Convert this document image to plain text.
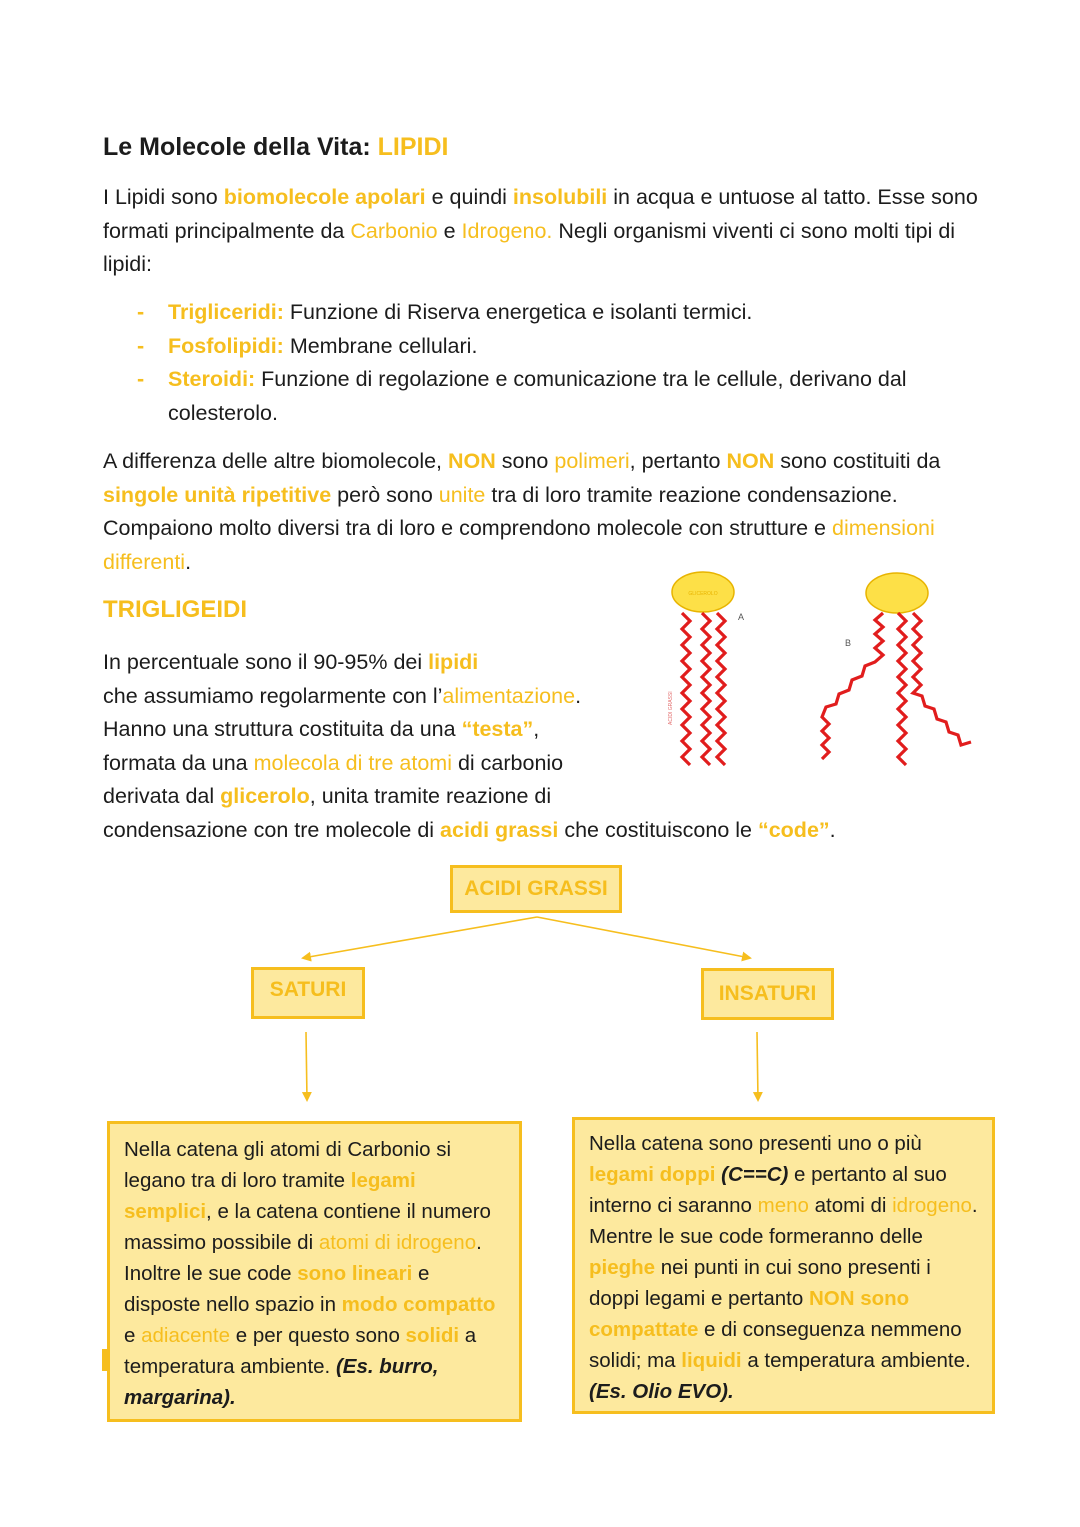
Le Molecole della Vita: LIPIDI

I Lipidi sono biomolecole apolari e quindi insolubili in acqua e untuose al tatto. Esse sono formati principalmente da Carbonio e Idrogeno. Negli organismi viventi ci sono molti tipi di lipidi:

- Trigliceridi: Funzione di Riserva energetica e isolanti termici.
- Fosfolipidi: Membrane cellulari.
- Steroidi: Funzione di regolazione e comunicazione tra le cellule, derivano dal colesterolo.

A differenza delle altre biomolecole, NON sono polimeri, pertanto NON sono costituiti da singole unità ripetitive però sono unite tra di loro tramite reazione condensazione. Compaiono molto diversi tra di loro e comprendono molecole con strutture e dimensioni differenti.

TRIGLIGEIDI

In percentuale sono il 90-95% dei lipidi
che assumiamo regolarmente con l’alimentazione.
Hanno una struttura costituita da una “testa”,
formata da una molecola di tre atomi di carbonio
derivata dal glicerolo, unita tramite reazione di
condensazione con tre molecole di acidi grassi che costituiscono le “code”.

GLICEROLO
A
ACIDI GRASSI
B
ACIDI GRASSI
SATURI	INSATURI
Nella catena gli atomi di Carbonio si legano tra di loro tramite legami semplici, e la catena contiene il numero massimo possibile di atomi di idrogeno. Inoltre le sue code sono lineari e disposte nello spazio in modo compatto e adiacente e per questo sono solidi a temperatura ambiente. (Es. burro, margarina).
Nella catena sono presenti uno o più legami doppi (C==C) e pertanto al suo interno ci saranno meno atomi di idrogeno. Mentre le sue code formeranno delle pieghe nei punti in cui sono presenti i doppi legami e pertanto NON sono compattate e di conseguenza nemmeno solidi; ma liquidi a temperatura ambiente. (Es. Olio EVO).
